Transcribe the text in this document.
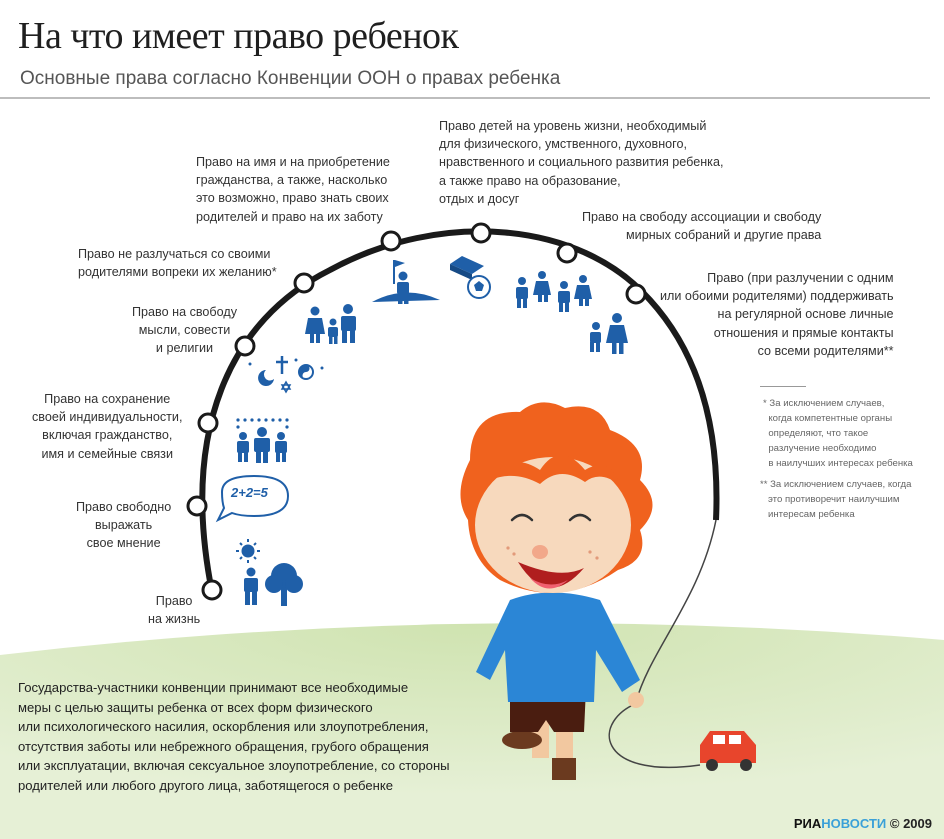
На что имеет право ребенок
Основные права согласно Конвенции ООН о правах ребенка
Право
на жизнь
Право свободно
выражать
свое мнение
Право на сохранение
своей индивидуальности,
включая гражданство,
имя и семейные связи
Право на свободу
мысли, совести
и религии
Право не разлучаться со своими
родителями вопреки их желанию*
Право на имя и на приобретение
гражданства, а также, насколько
это возможно, право знать своих
родителей и право на их заботу
Право детей на уровень жизни, необходимый
для физического, умственного, духовного,
нравственного и социального развития ребенка,
а также право на образование,
отдых и досуг
Право на свободу ассоциации и свободу
мирных собраний и другие права
Право (при разлучении с одним
или обоими родителями) поддерживать
на регулярной основе личные
отношения и прямые контакты
со всеми родителями**
2+2=5
* За исключением случаев,
когда компетентные органы
определяют, что такое
разлучение необходимо
в наилучших интересах ребенка
** За исключением случаев, когда
это противоречит наилучшим
интересам ребенка
Государства-участники конвенции принимают все необходимые
меры с целью защиты ребенка от всех форм физического
или психологического насилия, оскорбления или злоупотребления,
отсутствия заботы или небрежного обращения, грубого обращения
или эксплуатации, включая сексуальное злоупотребление, со стороны
родителей или любого другого лица, заботящегося о ребенке
РИАНОВОСТИ © 2009
